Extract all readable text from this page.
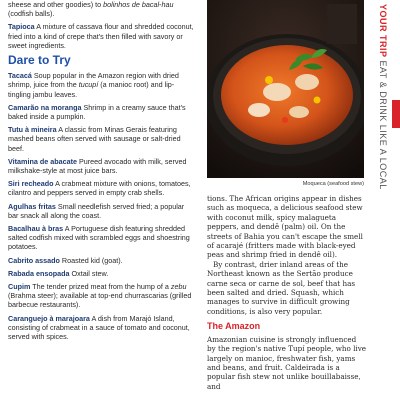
sheese and other goodies) to bolinhos de bacal-hau (codfish balls).

Tapioca A mixture of cassava flour and shredded coconut, fried into a kind of crepe that's then filled with savory or sweet ingredients.

Dare to Try

Tacacá Soup popular in the Amazon region with dried shrimp, juice from the tucupí (a manioc root) and lip-tingling jambu leaves.

Camarão na moranga Shrimp in a creamy sauce that's baked inside a pumpkin.

Tutu à mineira A classic from Minas Gerais featuring mashed beans often served with sausage or salt-dried beef.

Vitamina de abacate Pureed avocado with milk, served milkshake-style at most juice bars.

Siri recheado A crabmeat mixture with onions, tomatoes, cilantro and peppers served in empty crab shells.

Agulhas fritas Small needlefish served fried; a popular bar snack all along the coast.

Bacalhau à bras A Portuguese dish featuring shredded salted codfish mixed with scrambled eggs and shoestring potatoes.

Cabrito assado Roasted kid (goat).

Rabada ensopada Oxtail stew.

Cupim The tender prized meat from the hump of a zebu (Brahma steer); available at top-end churrascarias (grilled barbecue restaurants).

Caranguejo à marajoara A dish from Marajó Island, consisting of crabmeat in a sauce of tomato and coconut, served with spices.

Moqueca (seafood stew)

tions. The African origins appear in dishes such as moqueca, a delicious seafood stew with coconut milk, spicy malagueta peppers, and dendê (palm) oil. On the streets of Bahia you can't escape the smell of acarajé (fritters made with black-eyed peas and shrimp fried in dendê oil).

By contrast, drier inland areas of the Northeast known as the Sertão produce carne seca or carne de sol, beef that has been salted and dried. Squash, which manages to survive in difficult growing conditions, is also very popular.

The Amazon

Amazonian cuisine is strongly influenced by the region's native Tupí people, who live largely on manioc, freshwater fish, yams and beans, and fruit. Caldeirada is a popular fish stew not unlike bouillabaisse, and

YOUR TRIP EAT & DRINK LIKE A LOCAL
